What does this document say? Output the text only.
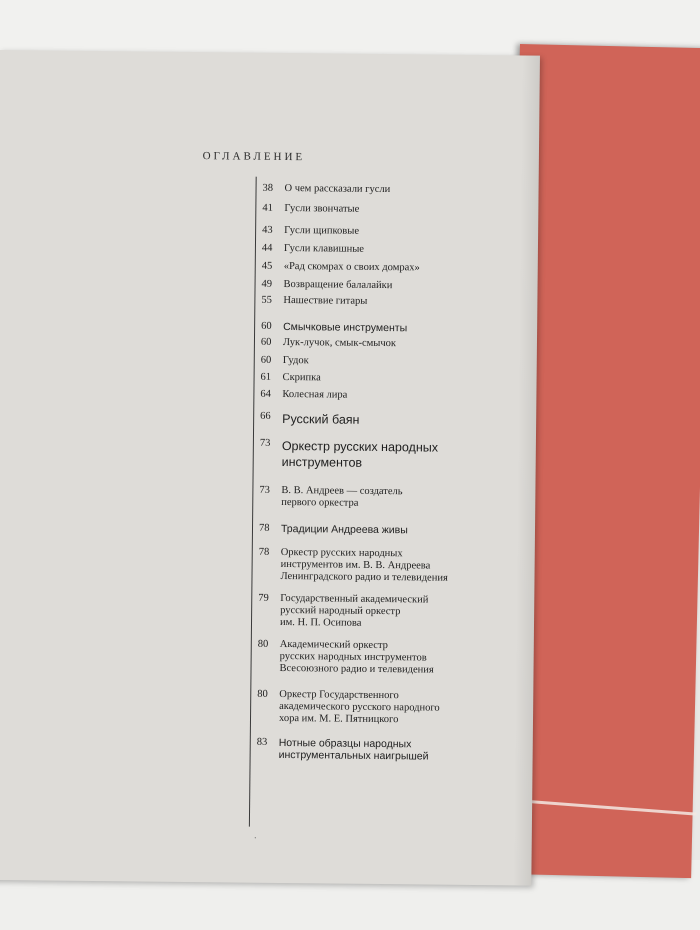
ОГЛАВЛЕНИЕ
38 О чем рассказали гусли
41 Гусли звончатые
43 Гусли щипковые
44 Гусли клавишные
45 «Рад скомрах о своих домрах»
49 Возвращение балалайки
55 Нашествие гитары
60 Смычковые инструменты
60 Лук-лучок, смык-смычок
60 Гудок
61 Скрипка
64 Колесная лира
66 Русский баян
73 Оркестр русских народных
инструментов
73 В. В. Андреев — создатель
первого оркестра
78 Традиции Андреева живы
78 Оркестр русских народных
инструментов им. В. В. Андреева
Ленинградского радио и телевидения
79 Государственный академический
русский народный оркестр
им. Н. П. Осипова
80 Академический оркестр
русских народных инструментов
Всесоюзного радио и телевидения
80 Оркестр Государственного
академического русского народного
хора им. М. Е. Пятницкого
83 Нотные образцы народных
инструментальных наигрышей
·
